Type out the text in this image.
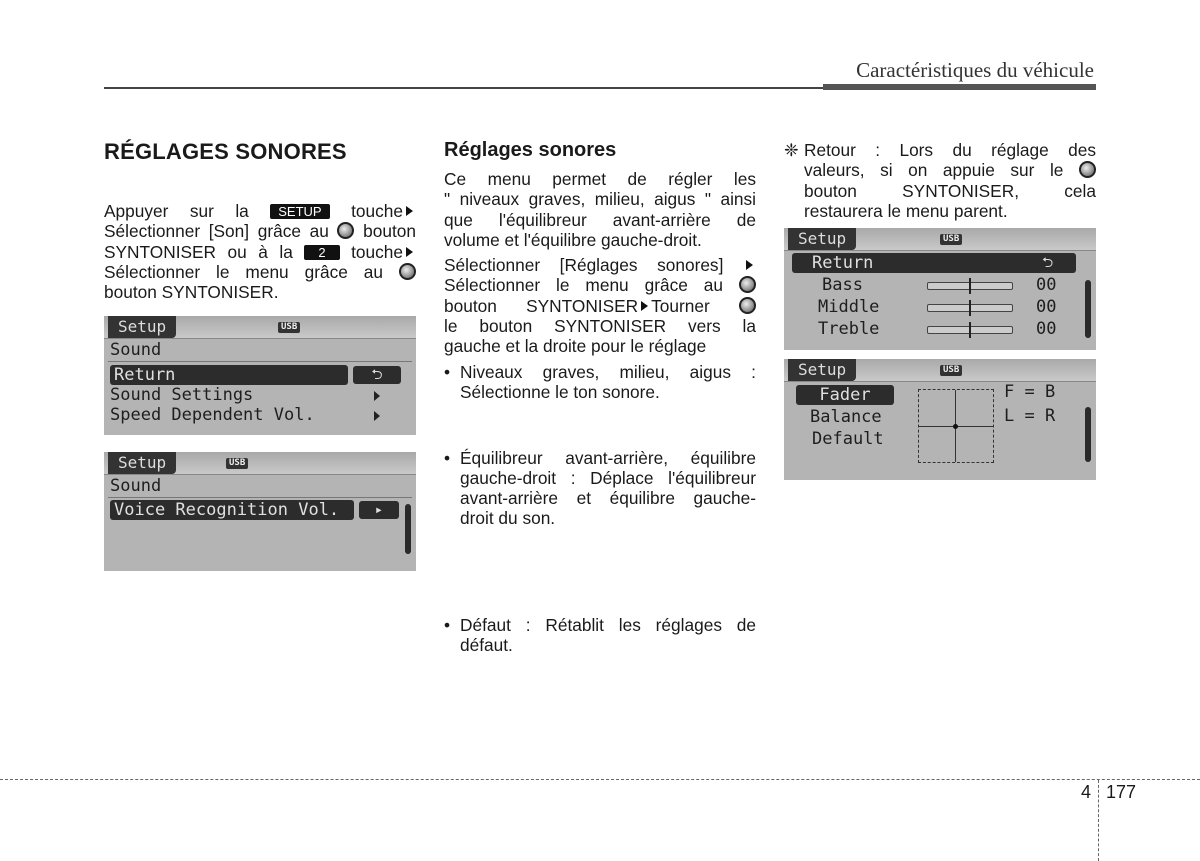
Caractéristiques du véhicule
RÉGLAGES SONORES
Appuyer sur la SETUP touche
Sélectionner [Son] grâce au bouton
SYNTONISER ou à la 2 touche
Sélectionner le menu grâce au
bouton SYNTONISER.
Setup	USB
Sound
Return	⮌
Sound Settings
Speed Dependent Vol.
Setup	USB
Sound
Voice Recognition Vol.	▸
Réglages sonores
Ce menu permet de régler les
" niveaux graves, milieu, aigus " ainsi
que l'équilibreur avant-arrière de
volume et l'équilibre gauche-droit.
Sélectionner [Réglages sonores]
Sélectionner le menu grâce au
bouton SYNTONISER Tourner
le bouton SYNTONISER vers la
gauche et la droite pour le réglage
• Niveaux graves, milieu, aigus :
Sélectionne le ton sonore.
• Équilibreur avant-arrière, équilibre
gauche-droit : Déplace l'équilibreur
avant-arrière et équilibre gauche-
droit du son.
• Défaut : Rétablit les réglages de
défaut.
❈ Retour : Lors du réglage des
valeurs, si on appuie sur le
bouton SYNTONISER, cela
restaurera le menu parent.
Setup	USB
Return	⮌
Bass	00
Middle	00
Treble	00
Setup	USB
Fader
Balance
Default
F = B
L = R
4 177
